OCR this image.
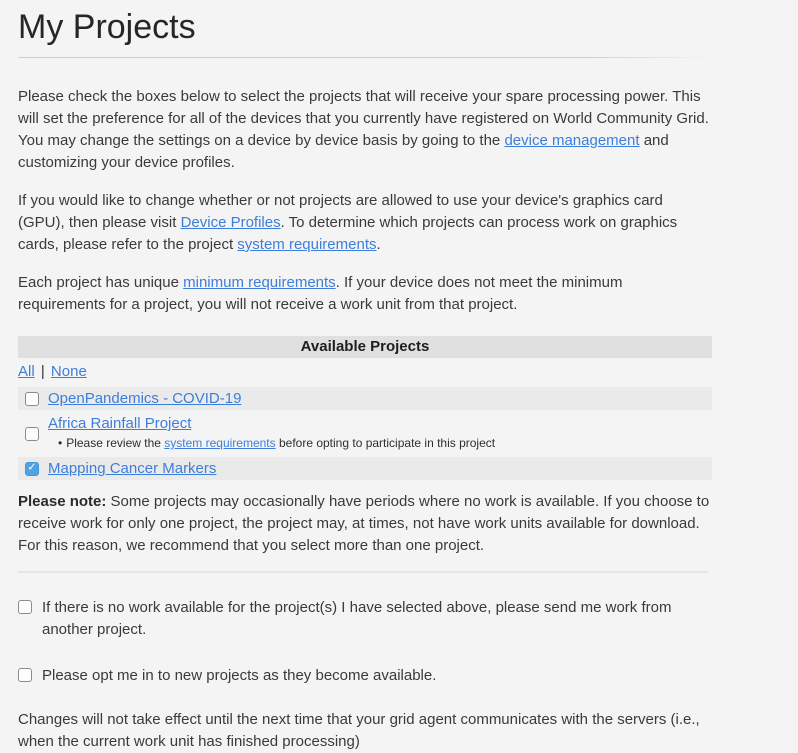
My Projects

Please check the boxes below to select the projects that will receive your spare processing power. This will set the preference for all of the devices that you currently have registered on World Community Grid. You may change the settings on a device by device basis by going to the device management and customizing your device profiles.

If you would like to change whether or not projects are allowed to use your device's graphics card (GPU), then please visit Device Profiles. To determine which projects can process work on graphics cards, please refer to the project system requirements.

Each project has unique minimum requirements. If your device does not meet the minimum requirements for a project, you will not receive a work unit from that project.

Available Projects
All | None
OpenPandemics - COVID-19
Africa Rainfall Project
• Please review the system requirements before opting to participate in this project
✓ Mapping Cancer Markers

Please note: Some projects may occasionally have periods where no work is available. If you choose to receive work for only one project, the project may, at times, not have work units available for download. For this reason, we recommend that you select more than one project.

If there is no work available for the project(s) I have selected above, please send me work from another project.
Please opt me in to new projects as they become available.

Changes will not take effect until the next time that your grid agent communicates with the servers (i.e., when the current work unit has finished processing)
